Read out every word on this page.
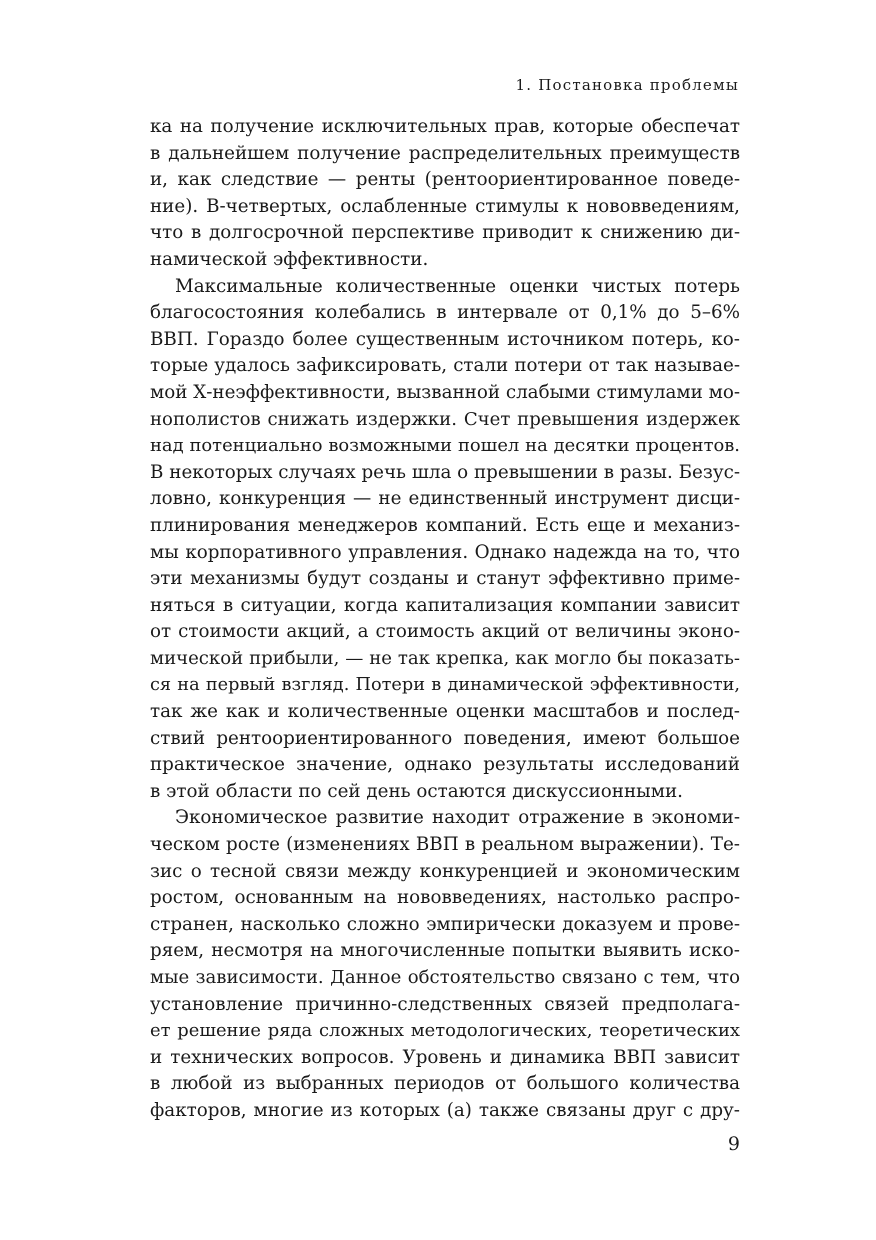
1. Постановка проблемы
ка на получение исключительных прав, которые обеспечат
в дальнейшем получение распределительных преимуществ
и, как следствие — ренты (рентоориентированное поведе-
ние). В-четвертых, ослабленные стимулы к нововведениям,
что в долгосрочной перспективе приводит к снижению ди-
намической эффективности.
Максимальные количественные оценки чистых потерь
благосостояния колебались в интервале от 0,1% до 5–6%
ВВП. Гораздо более существенным источником потерь, ко-
торые удалось зафиксировать, стали потери от так называе-
мой Х-неэффективности, вызванной слабыми стимулами мо-
нополистов снижать издержки. Счет превышения издержек
над потенциально возможными пошел на десятки процентов.
В некоторых случаях речь шла о превышении в разы. Безус-
ловно, конкуренция — не единственный инструмент дисци-
плинирования менеджеров компаний. Есть еще и механиз-
мы корпоративного управления. Однако надежда на то, что
эти механизмы будут созданы и станут эффективно приме-
няться в ситуации, когда капитализация компании зависит
от стоимости акций, а стоимость акций от величины эконо-
мической прибыли, — не так крепка, как могло бы показать-
ся на первый взгляд. Потери в динамической эффективности,
так же как и количественные оценки масштабов и послед-
ствий рентоориентированного поведения, имеют большое
практическое значение, однако результаты исследований
в этой области по сей день остаются дискуссионными.
Экономическое развитие находит отражение в экономи-
ческом росте (изменениях ВВП в реальном выражении). Те-
зис о тесной связи между конкуренцией и экономическим
ростом, основанным на нововведениях, настолько распро-
странен, насколько сложно эмпирически доказуем и прове-
ряем, несмотря на многочисленные попытки выявить иско-
мые зависимости. Данное обстоятельство связано с тем, что
установление причинно-следственных связей предполага-
ет решение ряда сложных методологических, теоретических
и технических вопросов. Уровень и динамика ВВП зависит
в любой из выбранных периодов от большого количества
факторов, многие из которых (а) также связаны друг с дру-
9
